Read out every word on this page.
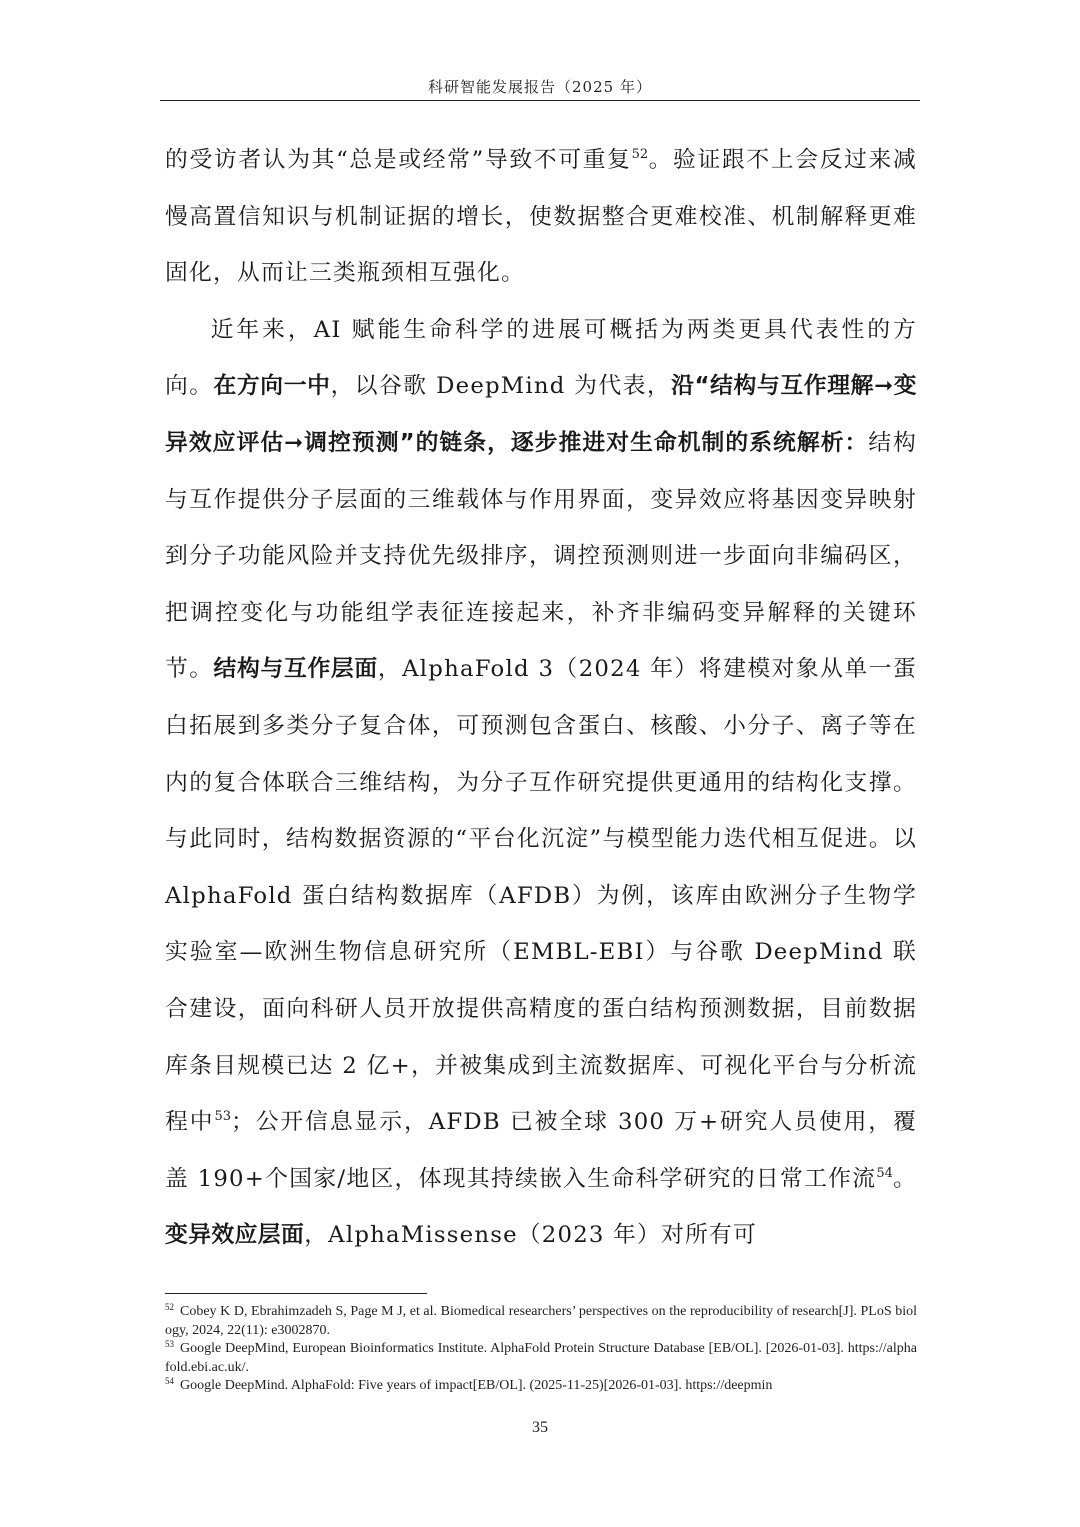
科研智能发展报告（2025 年）

的受访者认为其“总是或经常”导致不可重复$^{52}$。验证跟不上会反过来减慢高置信知识与机制证据的增长，使数据整合更难校准、机制解释更难固化，从而让三类瓶颈相互强化。

近年来，AI 赋能生命科学的进展可概括为两类更具代表性的方向。在方向一中，以谷歌 DeepMind 为代表，沿“结构与互作理解➞变异效应评估➞调控预测”的链条，逐步推进对生命机制的系统解析：结构与互作提供分子层面的三维载体与作用界面，变异效应将基因变异映射到分子功能风险并支持优先级排序，调控预测则进一步面向非编码区，把调控变化与功能组学表征连接起来，补齐非编码变异解释的关键环节。结构与互作层面，AlphaFold 3（2024 年）将建模对象从单一蛋白拓展到多类分子复合体，可预测包含蛋白、核酸、小分子、离子等在内的复合体联合三维结构，为分子互作研究提供更通用的结构化支撑。与此同时，结构数据资源的“平台化沉淀”与模型能力迭代相互促进。以 AlphaFold 蛋白结构数据库（AFDB）为例，该库由欧洲分子生物学实验室—欧洲生物信息研究所（EMBL-EBI）与谷歌 DeepMind 联合建设，面向科研人员开放提供高精度的蛋白结构预测数据，目前数据库条目规模已达 2 亿+，并被集成到主流数据库、可视化平台与分析流程中$^{53}$；公开信息显示，AFDB 已被全球 300 万+研究人员使用，覆盖 190+个国家/地区，体现其持续嵌入生命科学研究的日常工作流$^{54}$。变异效应层面，AlphaMissense（2023 年）对所有可

$^{52}$ Cobey K D, Ebrahimzadeh S, Page M J, et al. Biomedical researchers’ perspectives on the reproducibility of research[J]. PLoS biology, 2024, 22(11): e3002870.

$^{53}$ Google DeepMind, European Bioinformatics Institute. AlphaFold Protein Structure Database [EB/OL]. [2026-01-03]. https://alphafold.ebi.ac.uk/.

$^{54}$ Google DeepMind. AlphaFold: Five years of impact[EB/OL]. (2025-11-25)[2026-01-03]. https://deepmin

35
